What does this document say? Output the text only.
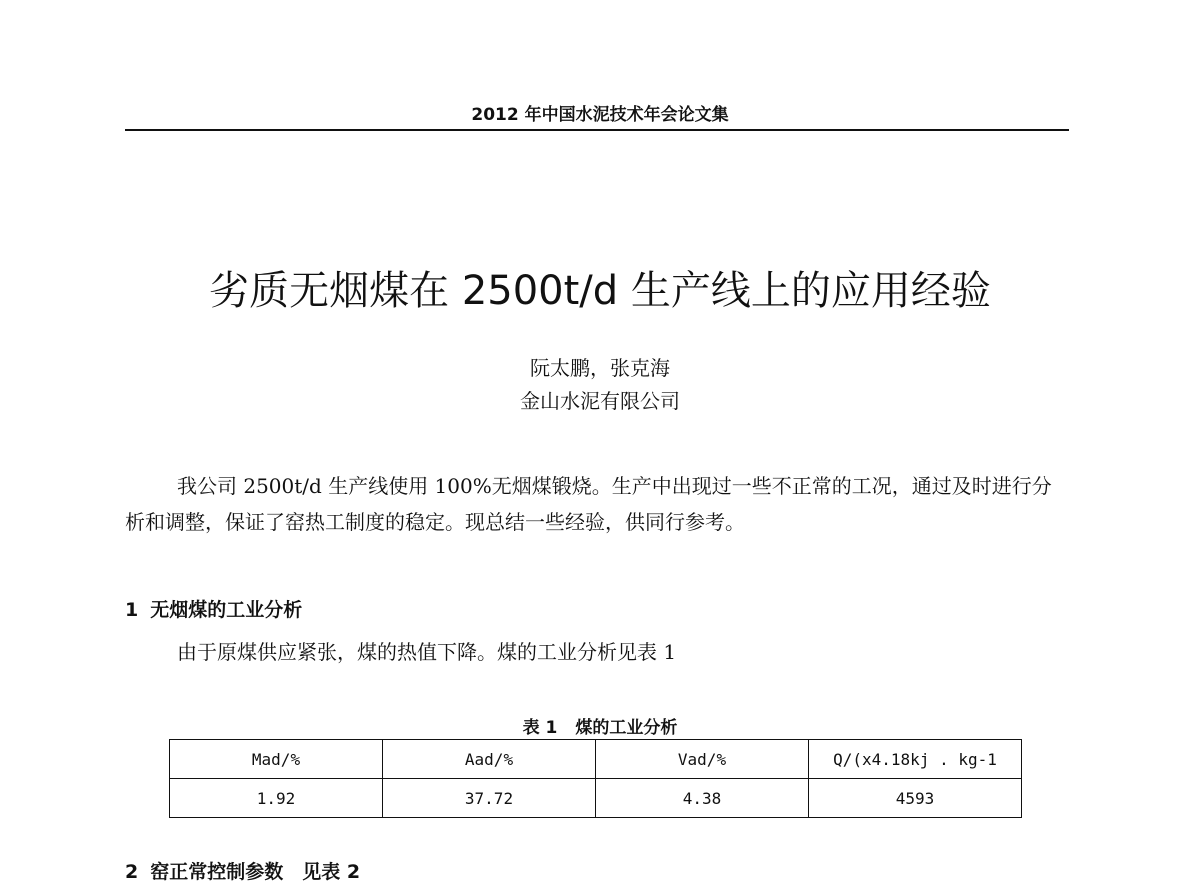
2012 年中国水泥技术年会论文集
劣质无烟煤在 2500t/d 生产线上的应用经验
阮太鹏，张克海
金山水泥有限公司
我公司 2500t/d 生产线使用 100%无烟煤锻烧。生产中出现过一些不正常的工况，通过及时进行分析和调整，保证了窑热工制度的稳定。现总结一些经验，供同行参考。
1 无烟煤的工业分析
由于原煤供应紧张，煤的热值下降。煤的工业分析见表 1
表 1 煤的工业分析
Mad/%	Aad/%	Vad/%	Q/(x4.18kj . kg-1
1.92	37.72	4.38	4593
2 窑正常控制参数　见表 2
